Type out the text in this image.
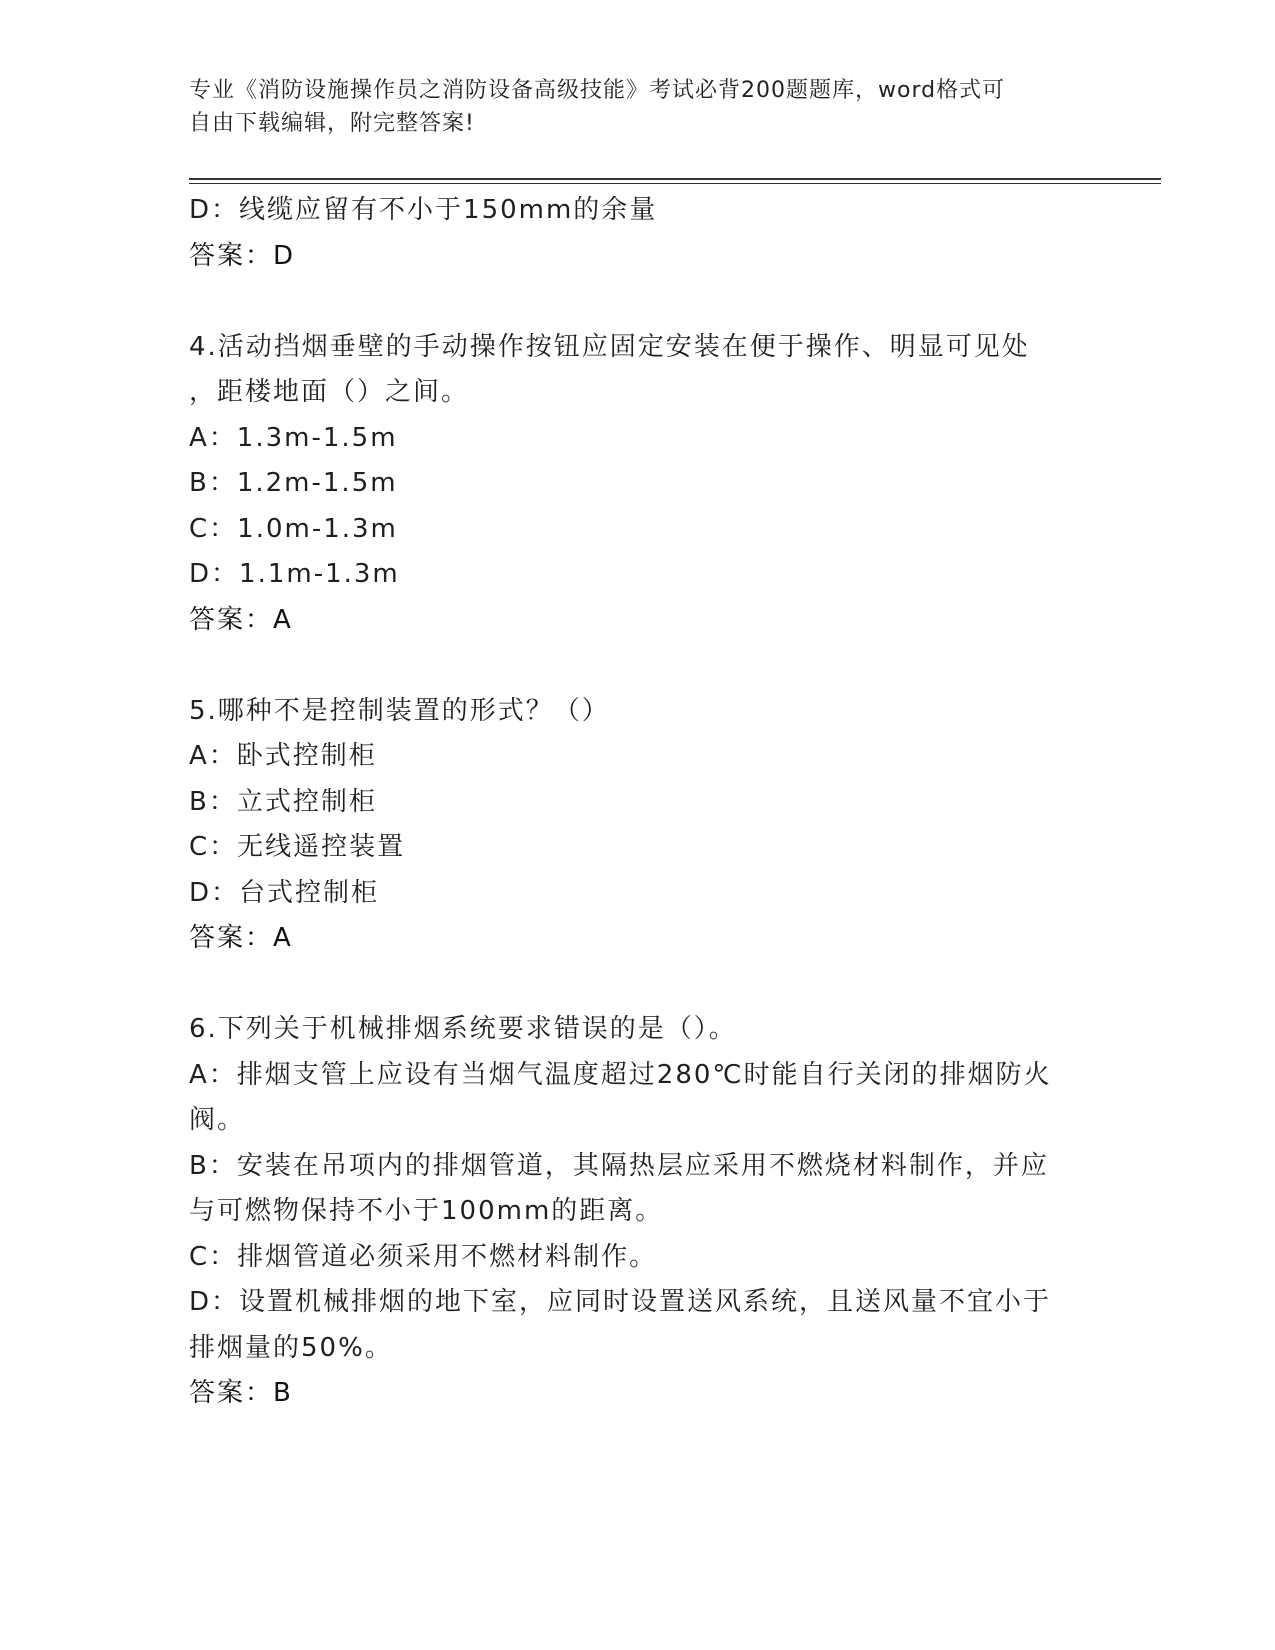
专业《消防设施操作员之消防设备高级技能》考试必背200题题库，word格式可
自由下载编辑，附完整答案!
D：线缆应留有不小于150mm的余量
答案：D
4.活动挡烟垂壁的手动操作按钮应固定安装在便于操作、明显可见处
，距楼地面（）之间。
A：1.3m-1.5m
B：1.2m-1.5m
C：1.0m-1.3m
D：1.1m-1.3m
答案：A
5.哪种不是控制装置的形式？（）
A：卧式控制柜
B：立式控制柜
C：无线遥控装置
D：台式控制柜
答案：A
6.下列关于机械排烟系统要求错误的是（）。
A：排烟支管上应设有当烟气温度超过280℃时能自行关闭的排烟防火
阀。
B：安装在吊项内的排烟管道，其隔热层应采用不燃烧材料制作，并应
与可燃物保持不小于100mm的距离。
C：排烟管道必须采用不燃材料制作。
D：设置机械排烟的地下室，应同时设置送风系统，且送风量不宜小于
排烟量的50%。
答案：B
